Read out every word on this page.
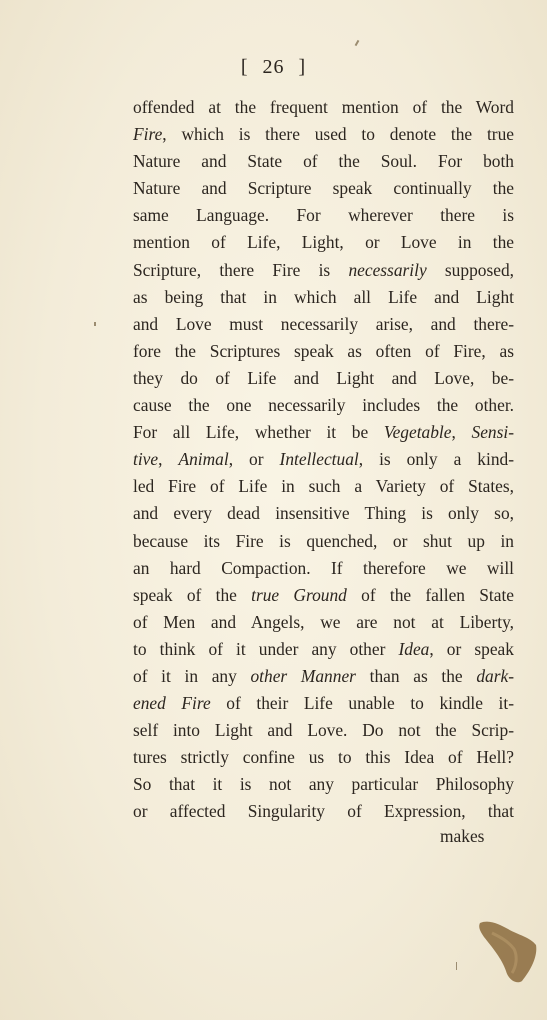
[ 26 ]
offended at the frequent mention of the Word
Fire, which is there used to denote the true
Nature and State of the Soul. For both
Nature and Scripture speak continually the
same Language. For wherever there is
mention of Life, Light, or Love in the
Scripture, there Fire is necessarily supposed,
as being that in which all Life and Light
and Love must necessarily arise, and there-
fore the Scriptures speak as often of Fire, as
they do of Life and Light and Love, be-
cause the one necessarily includes the other.
For all Life, whether it be Vegetable, Sensi-
tive, Animal, or Intellectual, is only a kind-
led Fire of Life in such a Variety of States,
and every dead insensitive Thing is only so,
because its Fire is quenched, or shut up in
an hard Compaction. If therefore we will
speak of the true Ground of the fallen State
of Men and Angels, we are not at Liberty,
to think of it under any other Idea, or speak
of it in any other Manner than as the dark-
ened Fire of their Life unable to kindle it-
self into Light and Love. Do not the Scrip-
tures strictly confine us to this Idea of Hell?
So that it is not any particular Philosophy
or affected Singularity of Expression, that
makes
